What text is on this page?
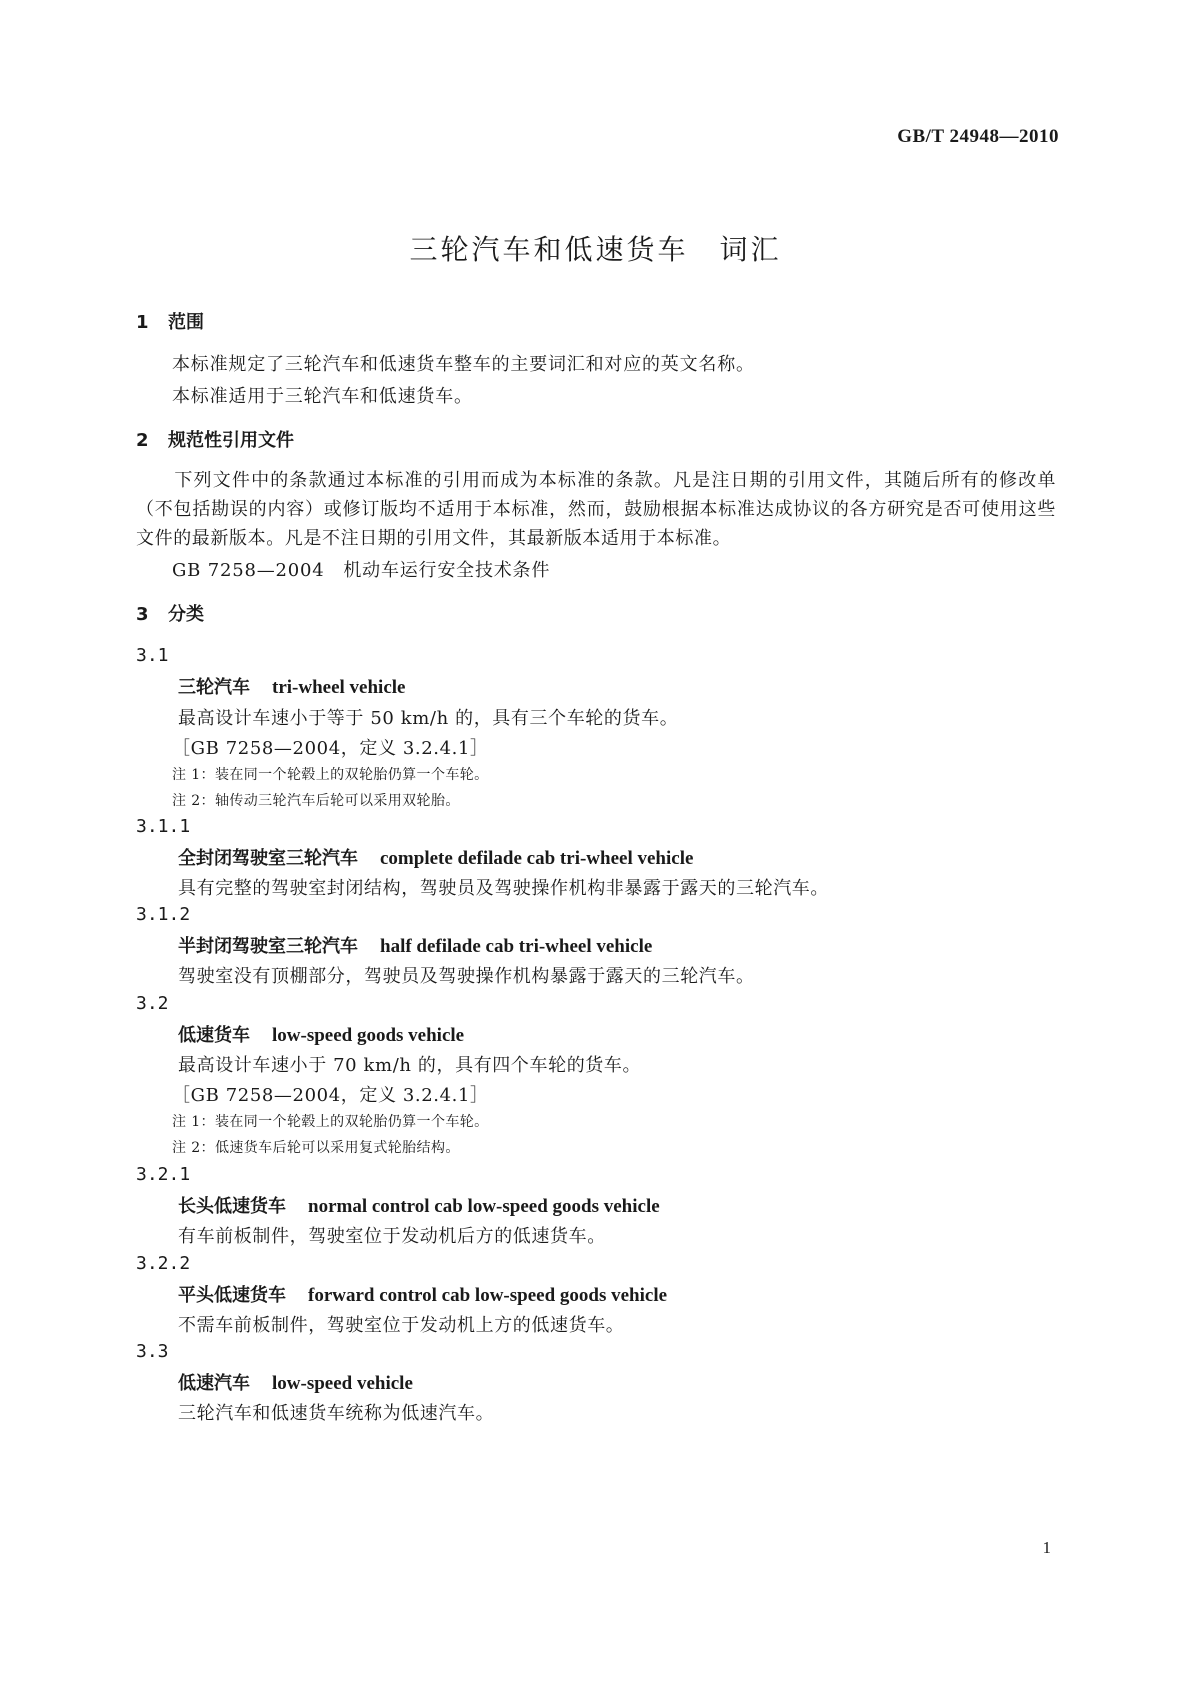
GB/T 24948—2010
三轮汽车和低速货车　词汇
1 范围
本标准规定了三轮汽车和低速货车整车的主要词汇和对应的英文名称。
本标准适用于三轮汽车和低速货车。
2 规范性引用文件
　　下列文件中的条款通过本标准的引用而成为本标准的条款。凡是注日期的引用文件，其随后所有的修改单（不包括勘误的内容）或修订版均不适用于本标准，然而，鼓励根据本标准达成协议的各方研究是否可使用这些文件的最新版本。凡是不注日期的引用文件，其最新版本适用于本标准。
GB 7258—2004　机动车运行安全技术条件
3 分类
3.1
三轮汽车 tri-wheel vehicle
最高设计车速小于等于 50 km/h 的，具有三个车轮的货车。
［GB 7258—2004，定义 3.2.4.1］
注 1：装在同一个轮毂上的双轮胎仍算一个车轮。
注 2：轴传动三轮汽车后轮可以采用双轮胎。
3.1.1
全封闭驾驶室三轮汽车 complete defilade cab tri-wheel vehicle
具有完整的驾驶室封闭结构，驾驶员及驾驶操作机构非暴露于露天的三轮汽车。
3.1.2
半封闭驾驶室三轮汽车 half defilade cab tri-wheel vehicle
驾驶室没有顶棚部分，驾驶员及驾驶操作机构暴露于露天的三轮汽车。
3.2
低速货车 low-speed goods vehicle
最高设计车速小于 70 km/h 的，具有四个车轮的货车。
［GB 7258—2004，定义 3.2.4.1］
注 1：装在同一个轮毂上的双轮胎仍算一个车轮。
注 2：低速货车后轮可以采用复式轮胎结构。
3.2.1
长头低速货车 normal control cab low-speed goods vehicle
有车前板制件，驾驶室位于发动机后方的低速货车。
3.2.2
平头低速货车 forward control cab low-speed goods vehicle
不需车前板制件，驾驶室位于发动机上方的低速货车。
3.3
低速汽车 low-speed vehicle
三轮汽车和低速货车统称为低速汽车。
1
